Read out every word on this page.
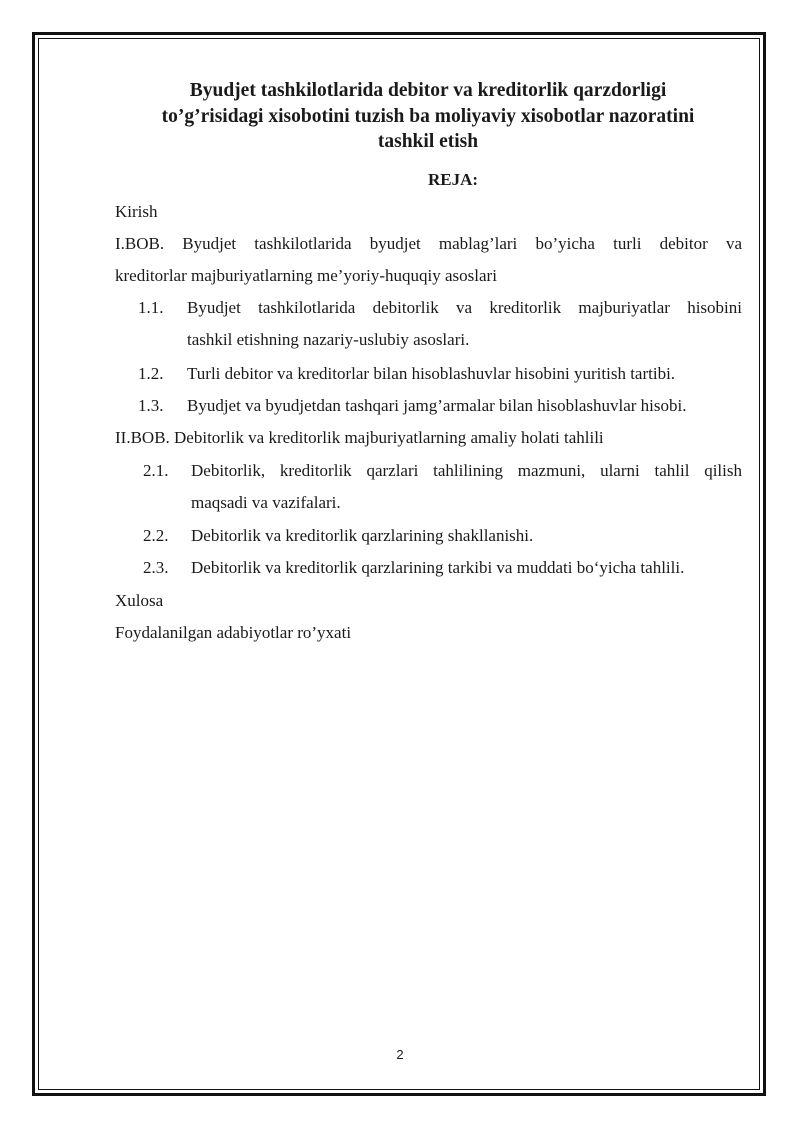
Byudjet tashkilotlarida debitor va kreditorlik qarzdorligi
to’g’risidagi xisobotini tuzish ba moliyaviy xisobotlar nazoratini
tashkil etish
REJA:
Kirish
I.BOB. Byudjet tashkilotlarida byudjet mablag’lari bo’yicha turli debitor va
kreditorlar majburiyatlarning me’yoriy-huquqiy asoslari
1.1. Byudjet tashkilotlarida debitorlik va kreditorlik majburiyatlar hisobini
tashkil etishning nazariy-uslubiy asoslari.
1.2. Turli debitor va kreditorlar bilan hisoblashuvlar hisobini yuritish tartibi.
1.3. Byudjet va byudjetdan tashqari jamg’armalar bilan hisoblashuvlar hisobi.
II.BOB. Debitorlik va kreditorlik majburiyatlarning amaliy holati tahlili
2.1. Debitorlik, kreditorlik qarzlari tahlilining mazmuni, ularni tahlil qilish
maqsadi va vazifalari.
2.2. Debitorlik va kreditorlik qarzlarining shakllanishi.
2.3. Debitorlik va kreditorlik qarzlarining tarkibi va muddati bo‘yicha tahlili.
Xulosa
Foydalanilgan adabiyotlar ro’yxati
2
